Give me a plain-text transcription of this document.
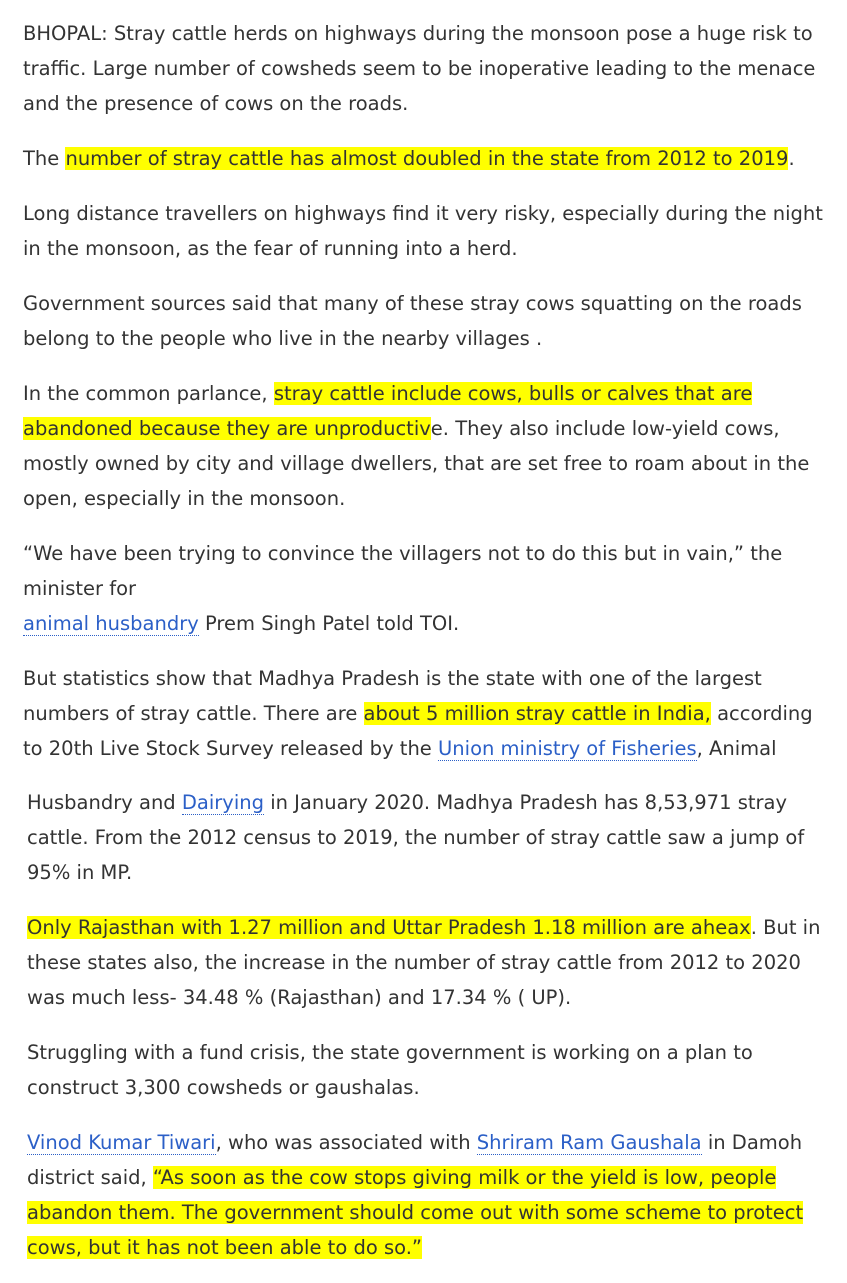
BHOPAL: Stray cattle herds on highways during the monsoon pose a huge risk to traffic. Large number of cowsheds seem to be inoperative leading to the menace and the presence of cows on the roads.
The number of stray cattle has almost doubled in the state from 2012 to 2019.
Long distance travellers on highways find it very risky, especially during the night in the monsoon, as the fear of running into a herd.
Government sources said that many of these stray cows squatting on the roads belong to the people who live in the nearby villages .
In the common parlance, stray cattle include cows, bulls or calves that are abandoned because they are unproductive. They also include low-yield cows, mostly owned by city and village dwellers, that are set free to roam about in the open, especially in the monsoon.
“We have been trying to convince the villagers not to do this but in vain,” the minister for
animal husbandry Prem Singh Patel told TOI.
But statistics show that Madhya Pradesh is the state with one of the largest numbers of stray cattle. There are about 5 million stray cattle in India, according to 20th Live Stock Survey released by the Union ministry of Fisheries, Animal
Husbandry and Dairying in January 2020. Madhya Pradesh has 8,53,971 stray cattle. From the 2012 census to 2019, the number of stray cattle saw a jump of 95% in MP.
Only Rajasthan with 1.27 million and Uttar Pradesh 1.18 million are aheax. But in these states also, the increase in the number of stray cattle from 2012 to 2020 was much less- 34.48 % (Rajasthan) and 17.34 % ( UP).
Struggling with a fund crisis, the state government is working on a plan to construct 3,300 cowsheds or gaushalas.
Vinod Kumar Tiwari, who was associated with Shriram Ram Gaushala in Damoh district said, “As soon as the cow stops giving milk or the yield is low, people abandon them. The government should come out with some scheme to protect cows, but it has not been able to do so.”
